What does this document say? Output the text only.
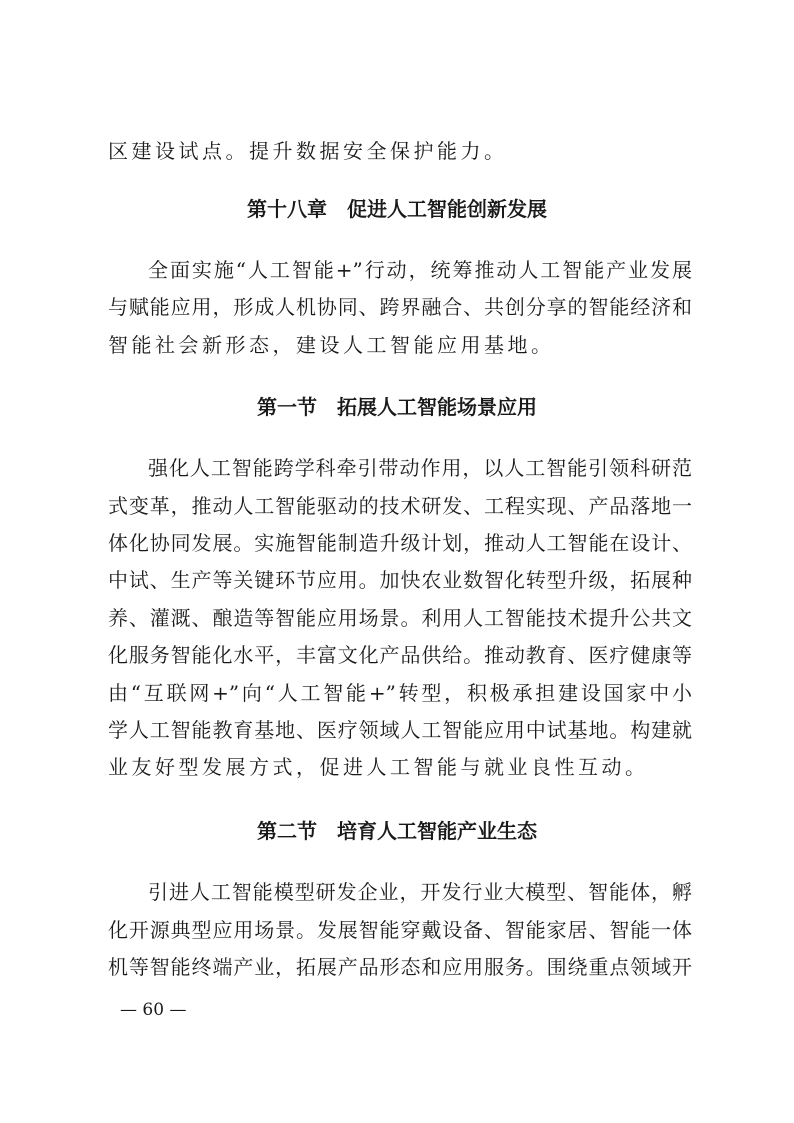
区建设试点。提升数据安全保护能力。
第十八章　促进人工智能创新发展
全面实施“人工智能+”行动，统筹推动人工智能产业发展
与赋能应用，形成人机协同、跨界融合、共创分享的智能经济和
智能社会新形态，建设人工智能应用基地。
第一节　拓展人工智能场景应用
强化人工智能跨学科牵引带动作用，以人工智能引领科研范
式变革，推动人工智能驱动的技术研发、工程实现、产品落地一
体化协同发展。实施智能制造升级计划，推动人工智能在设计、
中试、生产等关键环节应用。加快农业数智化转型升级，拓展种
养、灌溉、酿造等智能应用场景。利用人工智能技术提升公共文
化服务智能化水平，丰富文化产品供给。推动教育、医疗健康等
由“互联网+”向“人工智能+”转型，积极承担建设国家中小
学人工智能教育基地、医疗领域人工智能应用中试基地。构建就
业友好型发展方式，促进人工智能与就业良性互动。
第二节　培育人工智能产业生态
引进人工智能模型研发企业，开发行业大模型、智能体，孵
化开源典型应用场景。发展智能穿戴设备、智能家居、智能一体
机等智能终端产业，拓展产品形态和应用服务。围绕重点领域开
— 60 —
